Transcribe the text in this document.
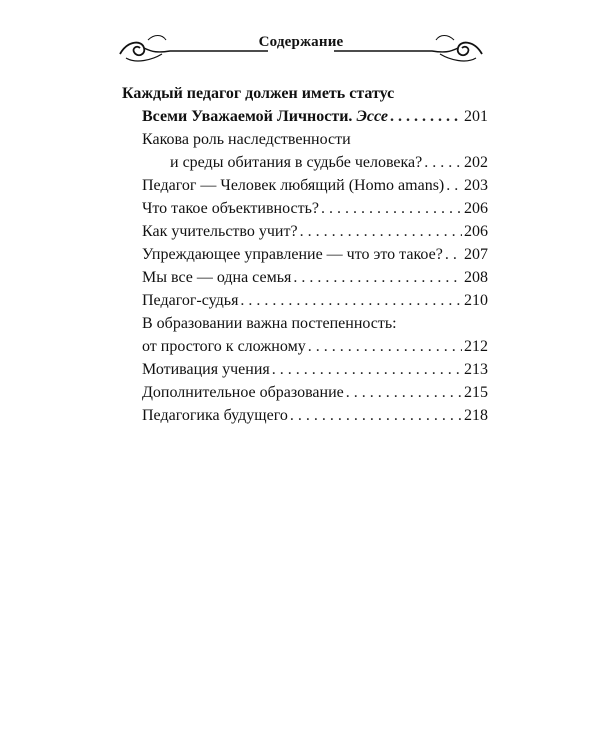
Содержание
Каждый педагог должен иметь статус
Всеми Уважаемой Личности.
Эссе . . .	201
Какова роль наследственности
и среды обитания в судьбе человека? . . .	202
Педагог — Человек любящий (Homo amans) . . . 203
Что такое объективность? . . .	206
Как учительство учит? . . .	206
Упреждающее управление — что это такое? . . . 207
Мы все — одна семья . . .	208
Педагог-судья . . .	210
В образовании важна постепенность:
от простого к сложному . . .	212
Мотивация учения . . .	213
Дополнительное образование . . .	215
Педагогика будущего . . .	218
